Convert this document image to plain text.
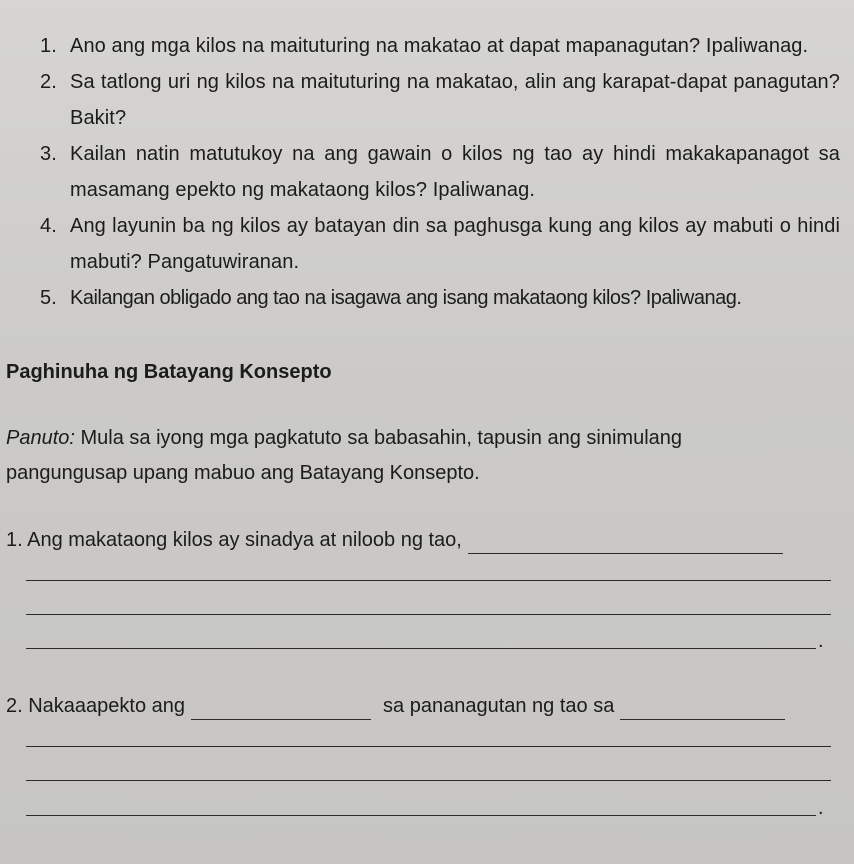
1. Ano ang mga kilos na maituturing na makatao at dapat mapanagutan? Ipaliwanag.
2. Sa tatlong uri ng kilos na maituturing na makatao, alin ang karapat-dapat panagutan? Bakit?
3. Kailan natin matutukoy na ang gawain o kilos ng tao ay hindi makakapanagot sa masamang epekto ng makataong kilos? Ipaliwanag.
4. Ang layunin ba ng kilos ay batayan din sa paghusga kung ang kilos ay mabuti o hindi mabuti? Pangatuwiranan.
5. Kailangan obligado ang tao na isagawa ang isang makataong kilos? Ipaliwanag.
Paghinuha ng Batayang Konsepto

Panuto: Mula sa iyong mga pagkatuto sa babasahin, tapusin ang sinimulang pangungusap upang mabuo ang Batayang Konsepto.

1. Ang makataong kilos ay sinadya at niloob ng tao,
.
2. Nakaaapekto ang	sa pananagutan ng tao sa
.
